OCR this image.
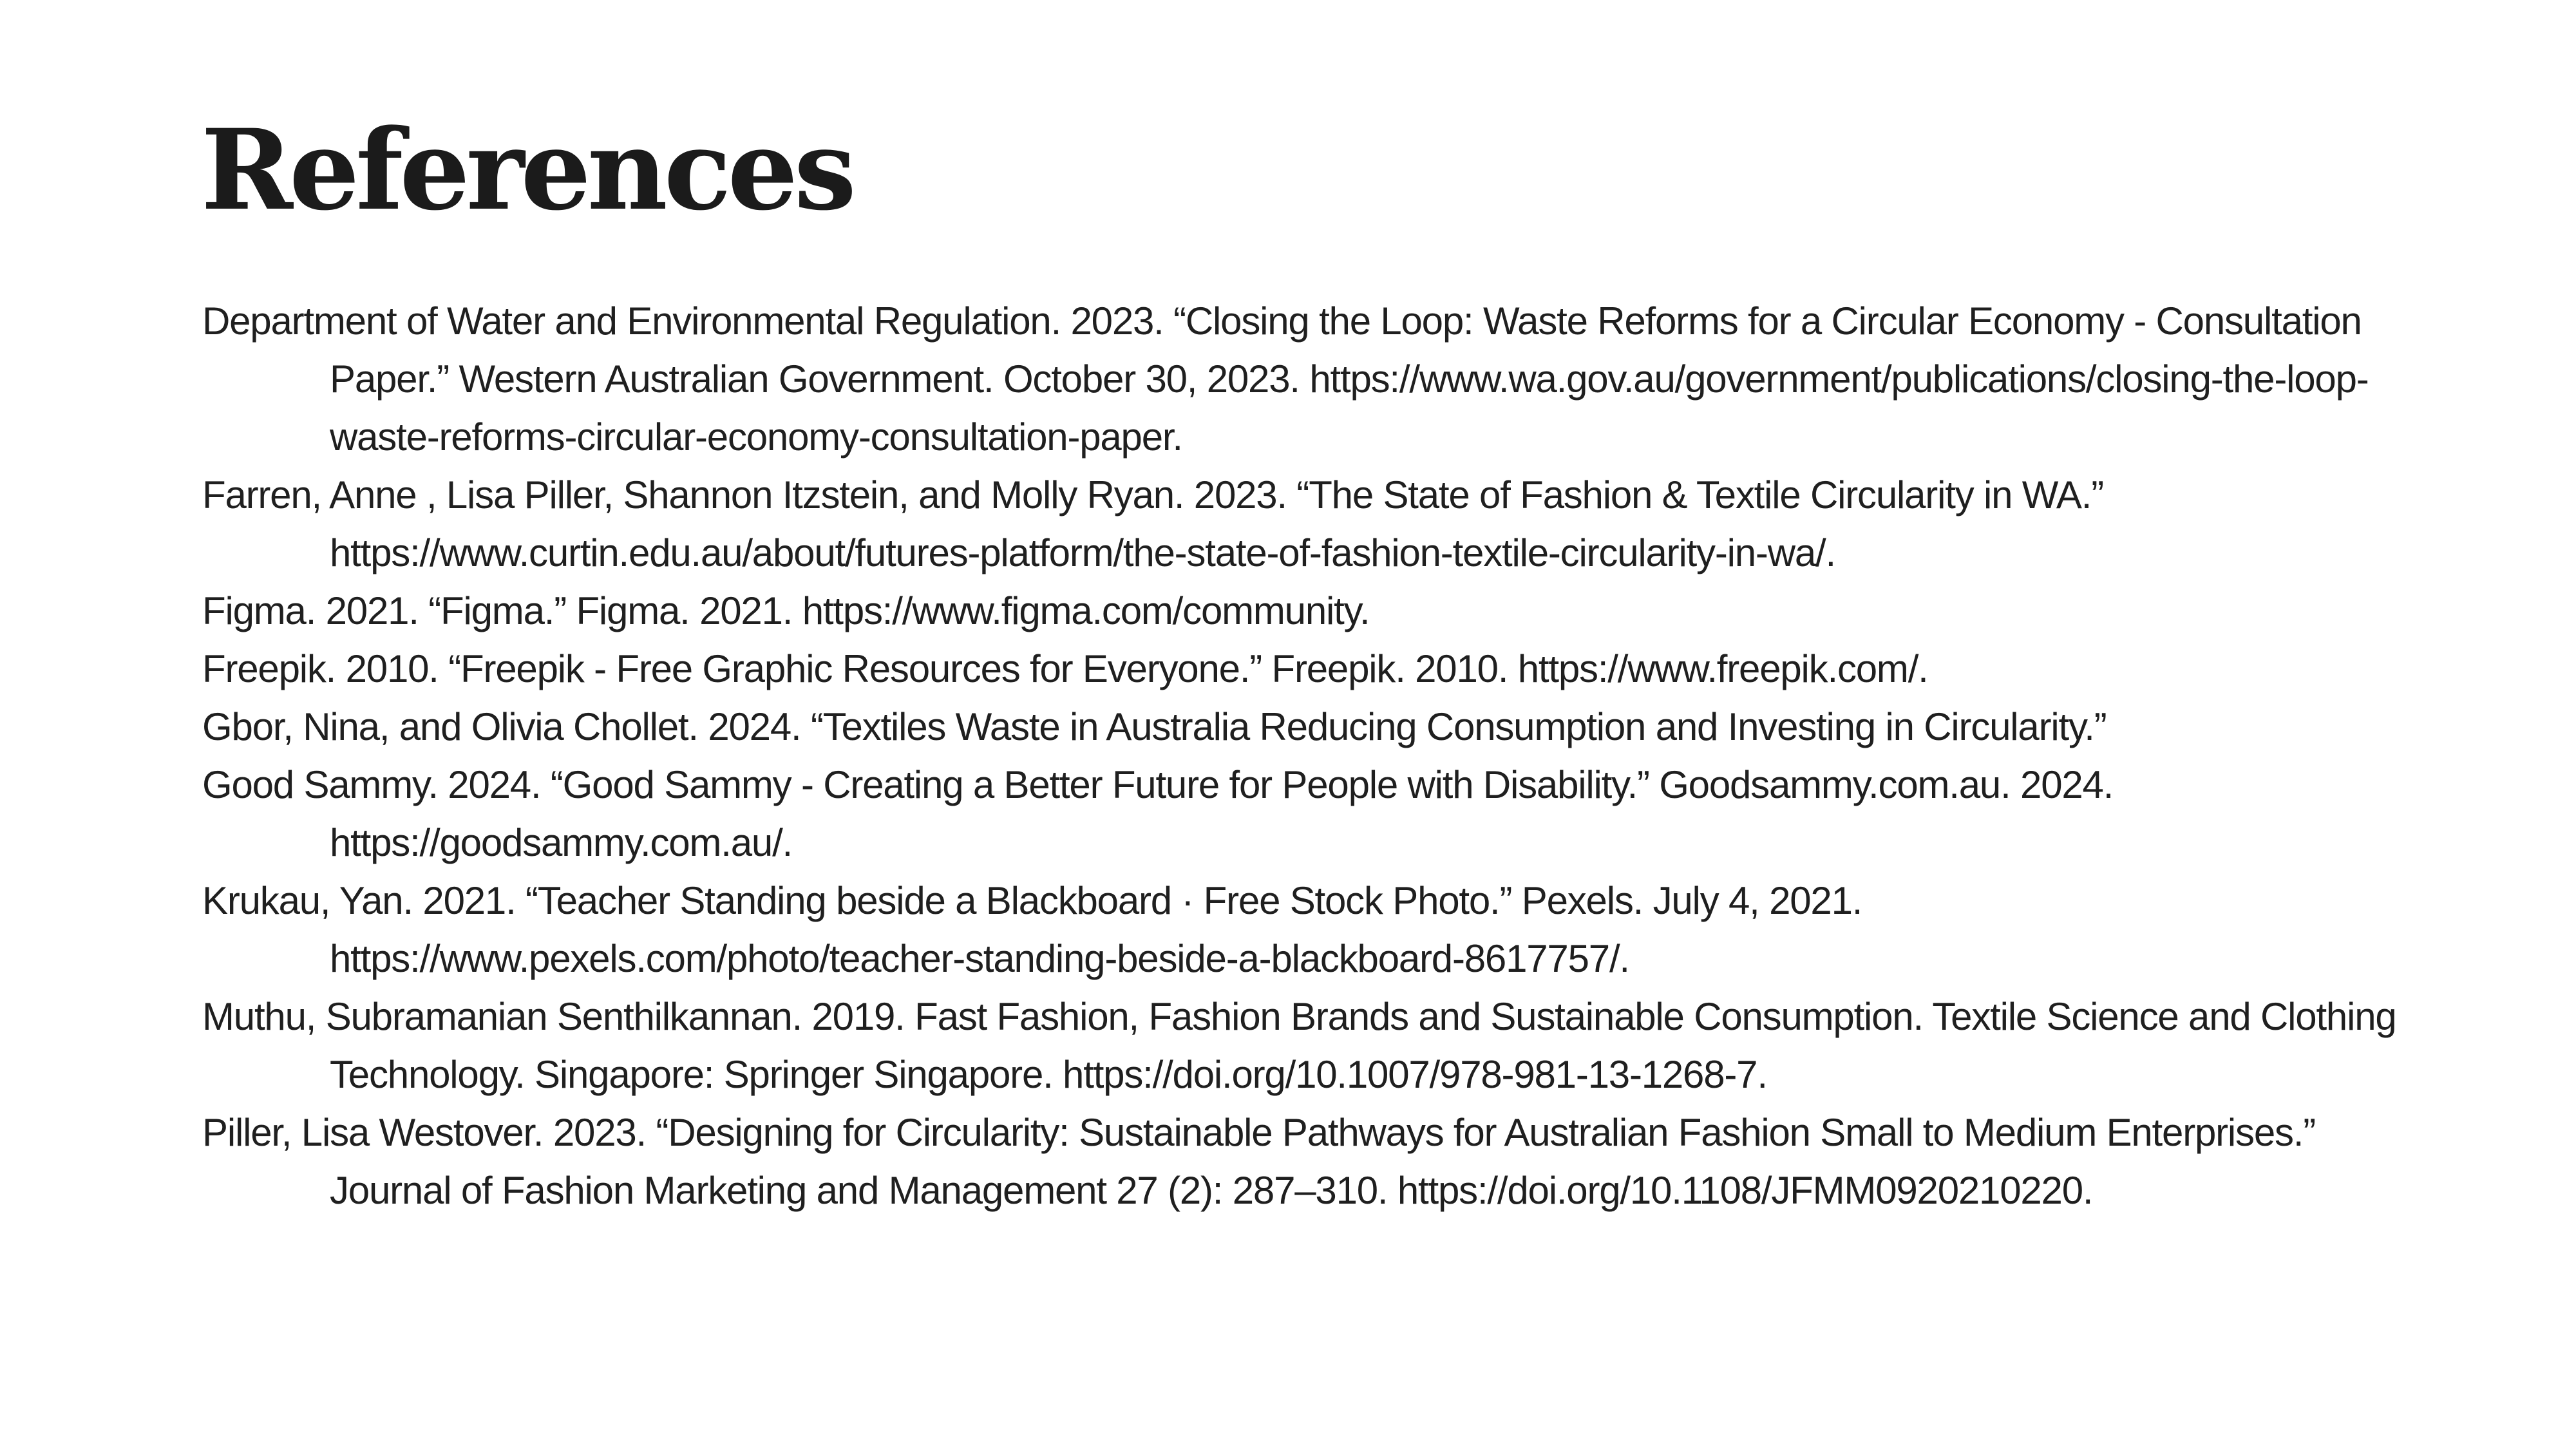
References
Department of Water and Environmental Regulation. 2023. “Closing the Loop: Waste Reforms for a Circular Economy - Consultation Paper.” Western Australian Government. October 30, 2023. https://www.wa.gov.au/government/publications/closing-the-loop-waste-reforms-circular-economy-consultation-paper.
Farren, Anne , Lisa Piller, Shannon Itzstein, and Molly Ryan. 2023. “The State of Fashion & Textile Circularity in WA.” https://www.curtin.edu.au/about/futures-platform/the-state-of-fashion-textile-circularity-in-wa/.
Figma. 2021. “Figma.” Figma. 2021. https://www.figma.com/community.
Freepik. 2010. “Freepik - Free Graphic Resources for Everyone.” Freepik. 2010. https://www.freepik.com/.
Gbor, Nina, and Olivia Chollet. 2024. “Textiles Waste in Australia Reducing Consumption and Investing in Circularity.”
Good Sammy. 2024. “Good Sammy - Creating a Better Future for People with Disability.” Goodsammy.com.au. 2024. https://goodsammy.com.au/.
Krukau, Yan. 2021. “Teacher Standing beside a Blackboard · Free Stock Photo.” Pexels. July 4, 2021. https://www.pexels.com/photo/teacher-standing-beside-a-blackboard-8617757/.
Muthu, Subramanian Senthilkannan. 2019. Fast Fashion, Fashion Brands and Sustainable Consumption. Textile Science and Clothing Technology. Singapore: Springer Singapore. https://doi.org/10.1007/978-981-13-1268-7.
Piller, Lisa Westover. 2023. “Designing for Circularity: Sustainable Pathways for Australian Fashion Small to Medium Enterprises.” Journal of Fashion Marketing and Management 27 (2): 287–310. https://doi.org/10.1108/JFMM0920210220.
